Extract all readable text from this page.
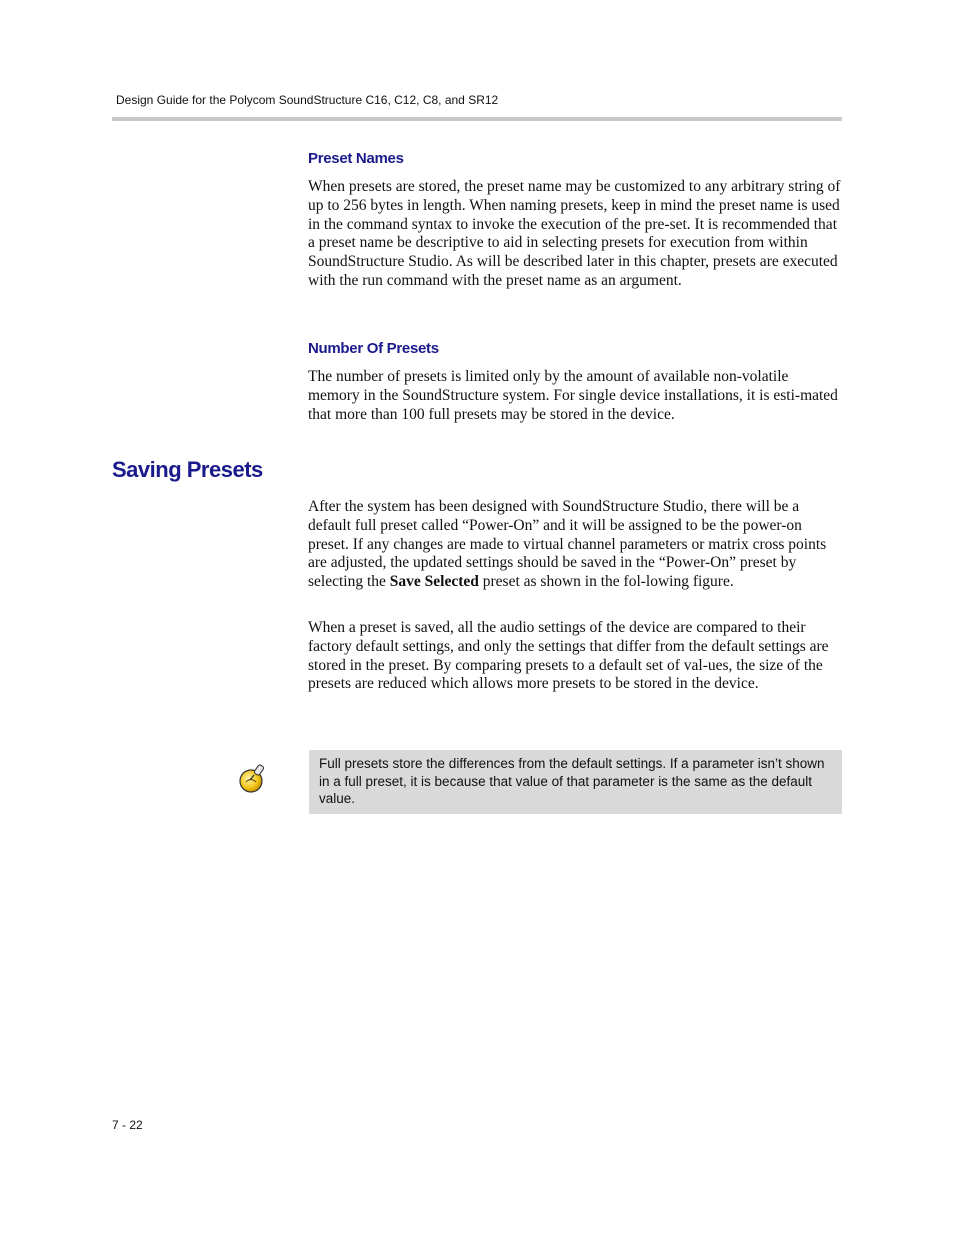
Design Guide for the Polycom SoundStructure C16, C12, C8, and SR12
Preset Names

When presets are stored, the preset name may be customized to any arbitrary string of up to 256 bytes in length. When naming presets, keep in mind the preset name is used in the command syntax to invoke the execution of the pre-set. It is recommended that a preset name be descriptive to aid in selecting presets for execution from within SoundStructure Studio. As will be described later in this chapter, presets are executed with the run command with the preset name as an argument.

Number Of Presets

The number of presets is limited only by the amount of available non-volatile memory in the SoundStructure system. For single device installations, it is esti-mated that more than 100 full presets may be stored in the device.

Saving Presets

After the system has been designed with SoundStructure Studio, there will be a default full preset called “Power-On” and it will be assigned to be the power-on preset. If any changes are made to virtual channel parameters or matrix cross points are adjusted, the updated settings should be saved in the “Power-On” preset by selecting the Save Selected preset as shown in the fol-lowing figure.

When a preset is saved, all the audio settings of the device are compared to their factory default settings, and only the settings that differ from the default settings are stored in the preset. By comparing presets to a default set of val-ues, the size of the presets are reduced which allows more presets to be stored in the device.

Full presets store the differences from the default settings. If a parameter isn’t shown in a full preset, it is because that value of that parameter is the same as the default value.
7 - 22
